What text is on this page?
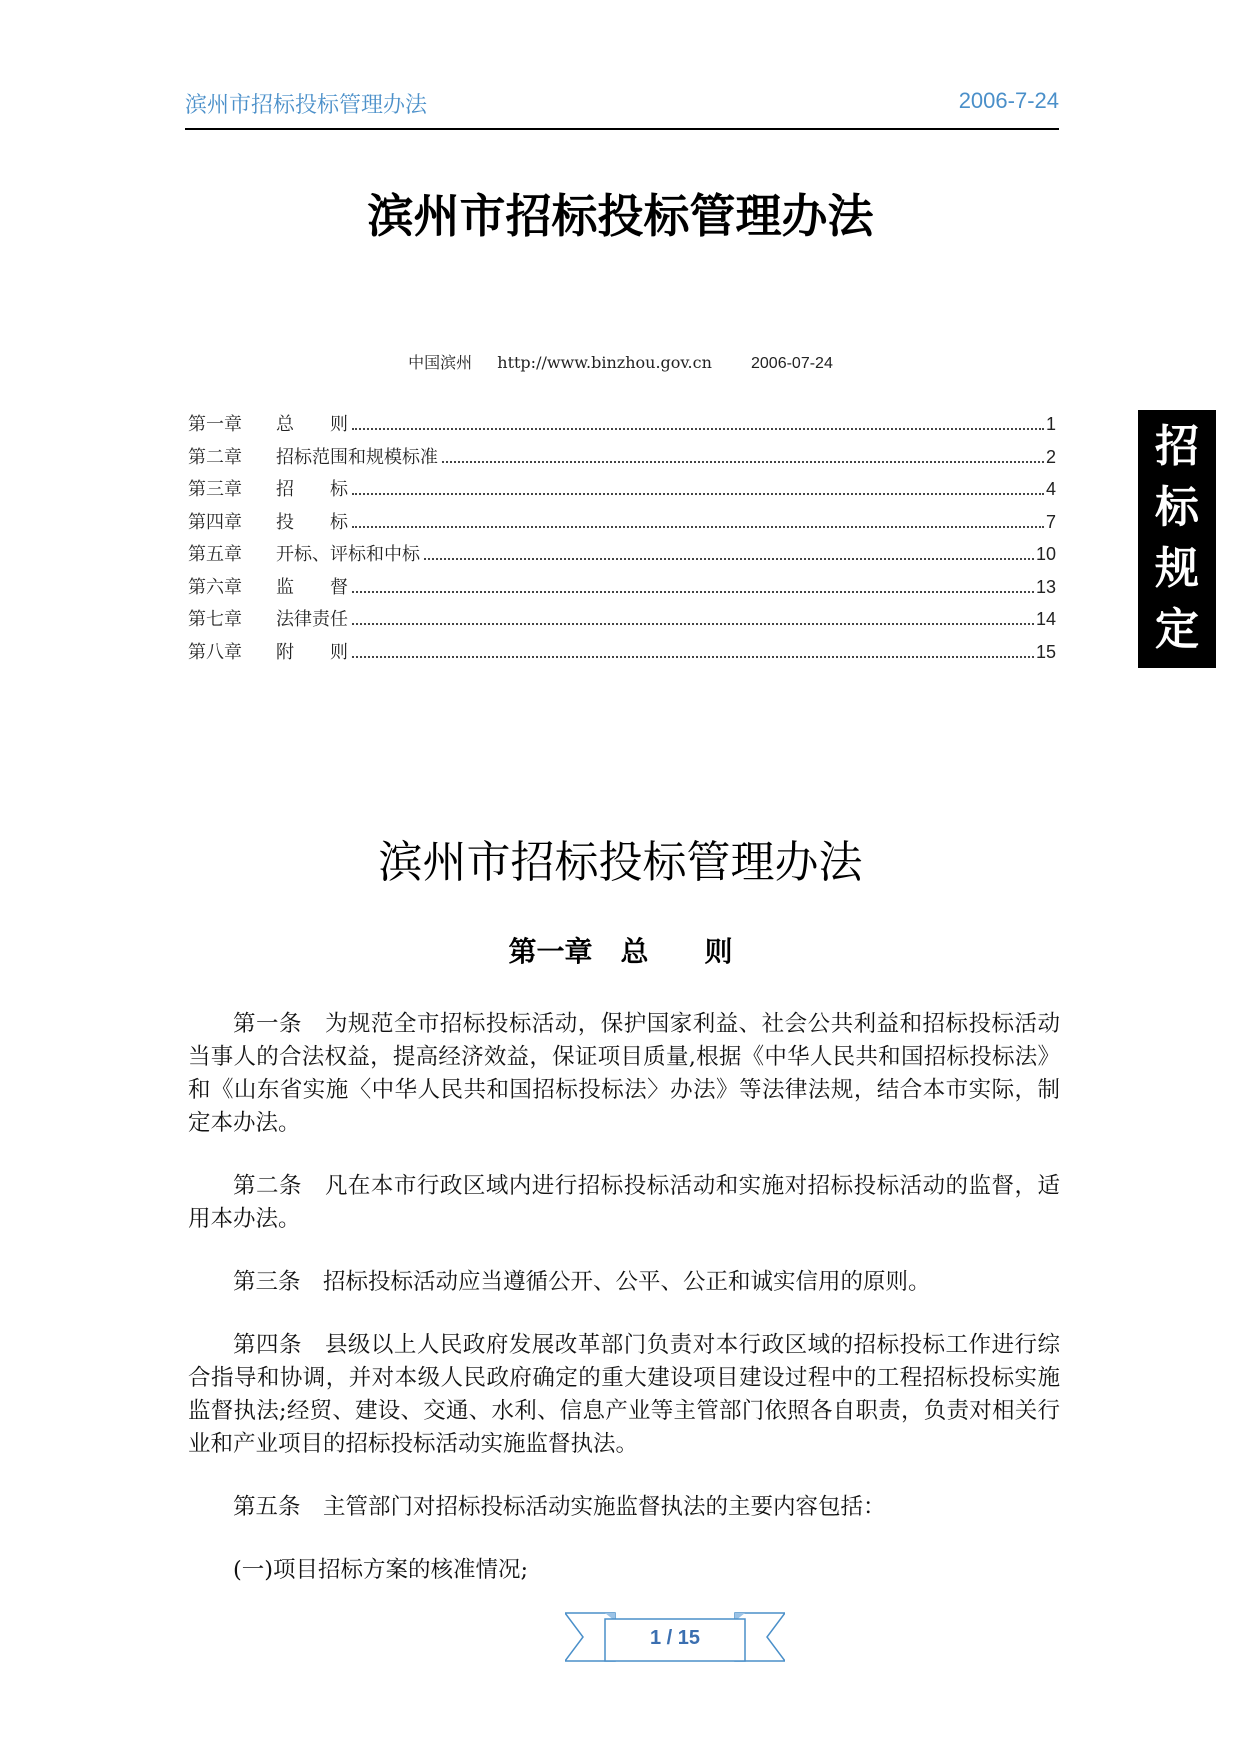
滨州市招标投标管理办法	2006-7-24
滨州市招标投标管理办法
中国滨州 http://www.binzhou.gov.cn 2006-07-24
第一章	总　　则	1
第二章	招标范围和规模标准	2
第三章	招　　标	4
第四章	投　　标	7
第五章	开标、评标和中标	10
第六章	监　　督	13
第七章	法律责任	14
第八章	附　　则	15
招
标
规
定
滨州市招标投标管理办法
第一章　总　　则

第一条　为规范全市招标投标活动，保护国家利益、社会公共利益和招标投标活动当事人的合法权益，提高经济效益，保证项目质量,根据《中华人民共和国招标投标法》和《山东省实施〈中华人民共和国招标投标法〉办法》等法律法规，结合本市实际，制定本办法。

第二条　凡在本市行政区域内进行招标投标活动和实施对招标投标活动的监督，适用本办法。

第三条　招标投标活动应当遵循公开、公平、公正和诚实信用的原则。

第四条　县级以上人民政府发展改革部门负责对本行政区域的招标投标工作进行综合指导和协调，并对本级人民政府确定的重大建设项目建设过程中的工程招标投标实施监督执法;经贸、建设、交通、水利、信息产业等主管部门依照各自职责，负责对相关行业和产业项目的招标投标活动实施监督执法。

第五条　主管部门对招标投标活动实施监督执法的主要内容包括：

(一)项目招标方案的核准情况;

1 / 15
